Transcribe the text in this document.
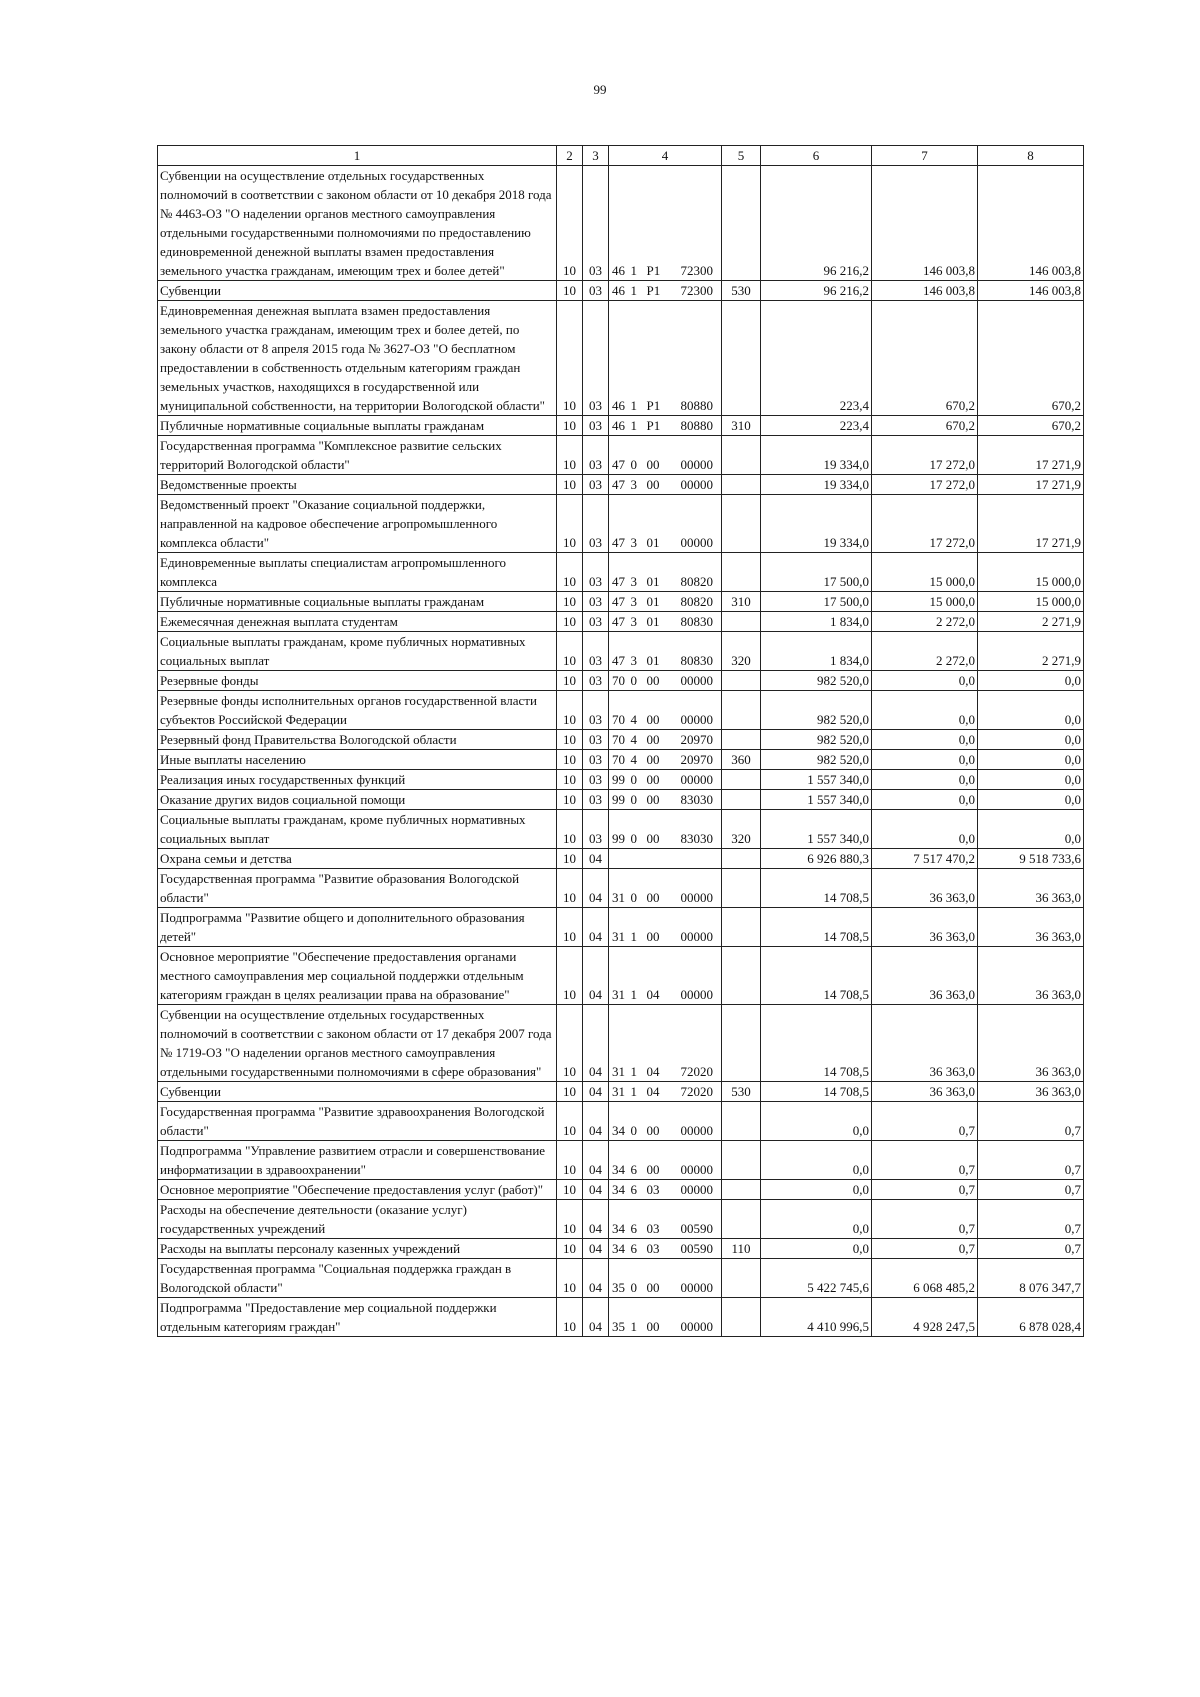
99
1	2	3	4				5	6	7	8
Субвенции на осуществление отдельных государственных полномочий в соответствии с законом области от 10 декабря 2018 года № 4463-ОЗ "О наделении органов местного самоуправления отдельными государственными полномочиями по предоставлению единовременной денежной выплаты взамен предоставления земельного участка гражданам, имеющим трех и более детей"	10	03	46	1	P1	72300		96 216,2	146 003,8	146 003,8
Субвенции	10	03	46	1	P1	72300	530	96 216,2	146 003,8	146 003,8
Единовременная денежная выплата взамен предоставления земельного участка гражданам, имеющим трех и более детей, по закону области от 8 апреля 2015 года № 3627-ОЗ "О бесплатном предоставлении в собственность отдельным категориям граждан земельных участков, находящихся в государственной или муниципальной собственности, на территории Вологодской области"	10	03	46	1	P1	80880		223,4	670,2	670,2
Публичные нормативные социальные выплаты гражданам	10	03	46	1	P1	80880	310	223,4	670,2	670,2
Государственная программа "Комплексное развитие сельских территорий Вологодской области"	10	03	47	0	00	00000		19 334,0	17 272,0	17 271,9
Ведомственные проекты	10	03	47	3	00	00000		19 334,0	17 272,0	17 271,9
Ведомственный проект "Оказание социальной поддержки, направленной на кадровое обеспечение агропромышленного комплекса области"	10	03	47	3	01	00000		19 334,0	17 272,0	17 271,9
Единовременные выплаты специалистам агропромышленного комплекса	10	03	47	3	01	80820		17 500,0	15 000,0	15 000,0
Публичные нормативные социальные выплаты гражданам	10	03	47	3	01	80820	310	17 500,0	15 000,0	15 000,0
Ежемесячная денежная выплата студентам	10	03	47	3	01	80830		1 834,0	2 272,0	2 271,9
Социальные выплаты гражданам, кроме публичных нормативных социальных выплат	10	03	47	3	01	80830	320	1 834,0	2 272,0	2 271,9
Резервные фонды	10	03	70	0	00	00000		982 520,0	0,0	0,0
Резервные фонды исполнительных органов государственной власти субъектов Российской Федерации	10	03	70	4	00	00000		982 520,0	0,0	0,0
Резервный фонд Правительства Вологодской области	10	03	70	4	00	20970		982 520,0	0,0	0,0
Иные выплаты населению	10	03	70	4	00	20970	360	982 520,0	0,0	0,0
Реализация иных государственных функций	10	03	99	0	00	00000		1 557 340,0	0,0	0,0
Оказание других видов социальной помощи	10	03	99	0	00	83030		1 557 340,0	0,0	0,0
Социальные выплаты гражданам, кроме публичных нормативных социальных выплат	10	03	99	0	00	83030	320	1 557 340,0	0,0	0,0
Охрана семьи и детства	10	04						6 926 880,3	7 517 470,2	9 518 733,6
Государственная программа "Развитие образования Вологодской области"	10	04	31	0	00	00000		14 708,5	36 363,0	36 363,0
Подпрограмма "Развитие общего и дополнительного образования детей"	10	04	31	1	00	00000		14 708,5	36 363,0	36 363,0
Основное мероприятие "Обеспечение предоставления органами местного самоуправления мер социальной поддержки отдельным категориям граждан в целях реализации права на образование"	10	04	31	1	04	00000		14 708,5	36 363,0	36 363,0
Субвенции на осуществление отдельных государственных полномочий в соответствии с законом области от 17 декабря 2007 года № 1719-ОЗ "О наделении органов местного самоуправления отдельными государственными полномочиями в сфере образования"	10	04	31	1	04	72020		14 708,5	36 363,0	36 363,0
Субвенции	10	04	31	1	04	72020	530	14 708,5	36 363,0	36 363,0
Государственная программа "Развитие здравоохранения Вологодской области"	10	04	34	0	00	00000		0,0	0,7	0,7
Подпрограмма "Управление развитием отрасли и совершенствование информатизации в здравоохранении"	10	04	34	6	00	00000		0,0	0,7	0,7
Основное мероприятие "Обеспечение предоставления услуг (работ)"	10	04	34	6	03	00000		0,0	0,7	0,7
Расходы на обеспечение деятельности (оказание услуг) государственных учреждений	10	04	34	6	03	00590		0,0	0,7	0,7
Расходы на выплаты персоналу казенных учреждений	10	04	34	6	03	00590	110	0,0	0,7	0,7
Государственная программа "Социальная поддержка граждан в Вологодской области"	10	04	35	0	00	00000		5 422 745,6	6 068 485,2	8 076 347,7
Подпрограмма "Предоставление мер социальной поддержки отдельным категориям граждан"	10	04	35	1	00	00000		4 410 996,5	4 928 247,5	6 878 028,4
